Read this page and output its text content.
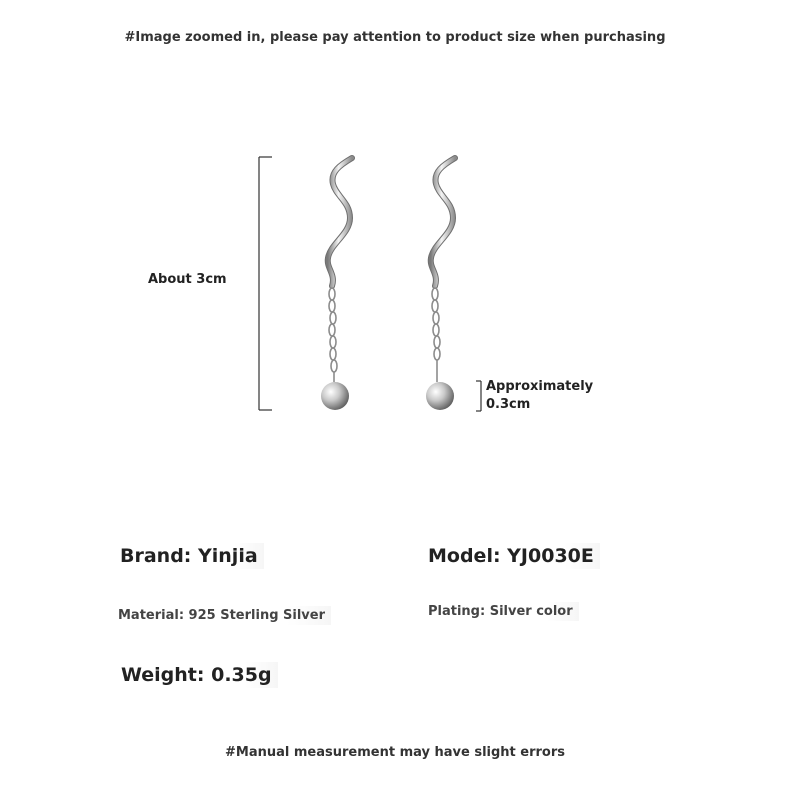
#Image zoomed in, please pay attention to product size when purchasing
About 3cm
Approximately
0.3cm
Brand: Yinjia	Model: YJ0030E
Material: 925 Sterling Silver	Plating: Silver color
Weight: 0.35g
#Manual measurement may have slight errors
